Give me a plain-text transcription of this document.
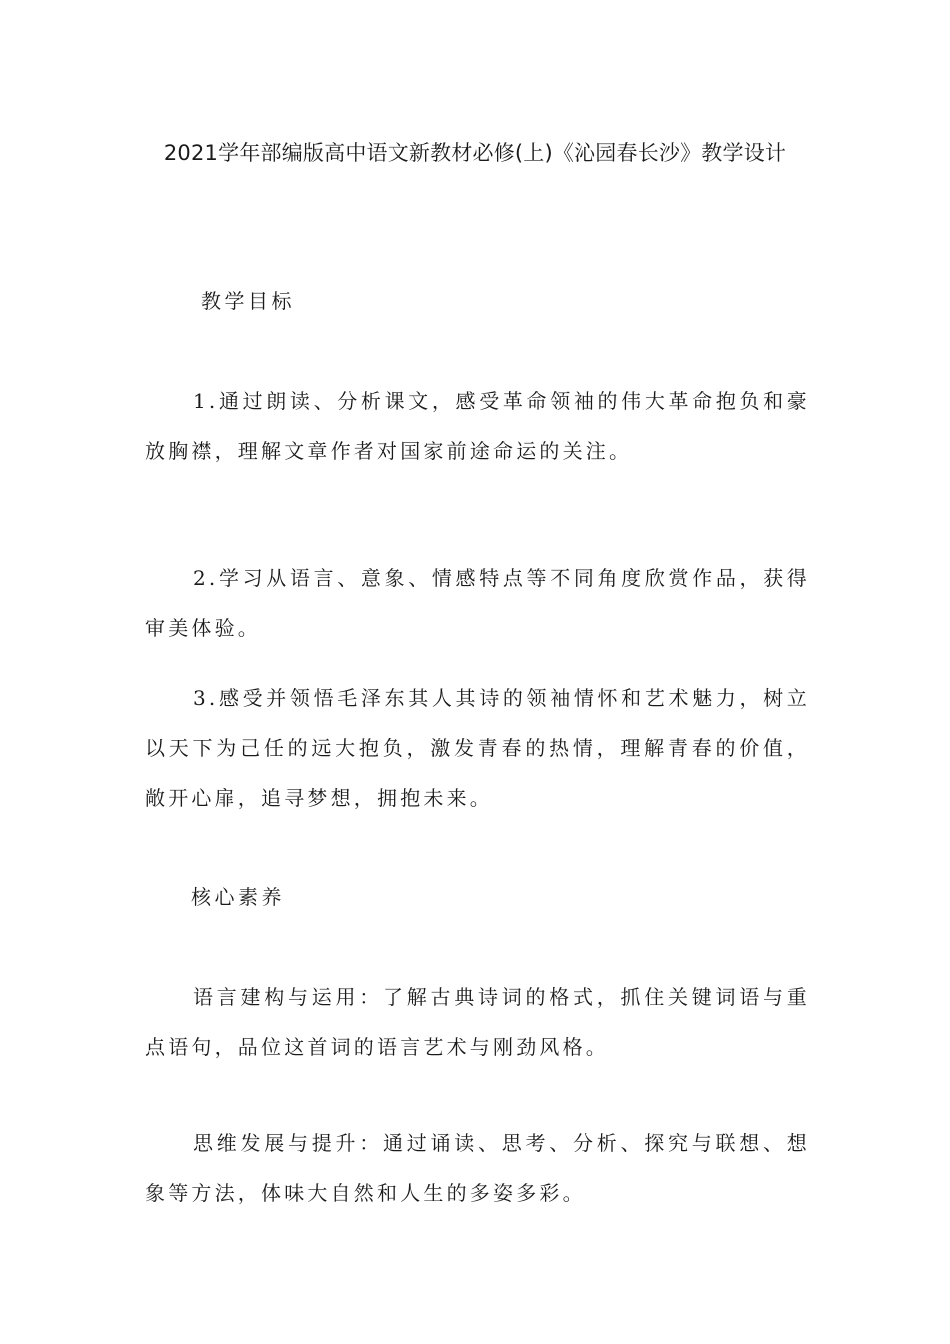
2021学年部编版高中语文新教材必修(上)《沁园春长沙》教学设计

教学目标

1.通过朗读、分析课文，感受革命领袖的伟大革命抱负和豪放胸襟，理解文章作者对国家前途命运的关注。

2.学习从语言、意象、情感特点等不同角度欣赏作品，获得审美体验。

3.感受并领悟毛泽东其人其诗的领袖情怀和艺术魅力，树立以天下为己任的远大抱负，激发青春的热情，理解青春的价值，敞开心扉，追寻梦想，拥抱未来。

核心素养

语言建构与运用：了解古典诗词的格式，抓住关键词语与重点语句，品位这首词的语言艺术与刚劲风格。

思维发展与提升：通过诵读、思考、分析、探究与联想、想象等方法，体味大自然和人生的多姿多彩。
